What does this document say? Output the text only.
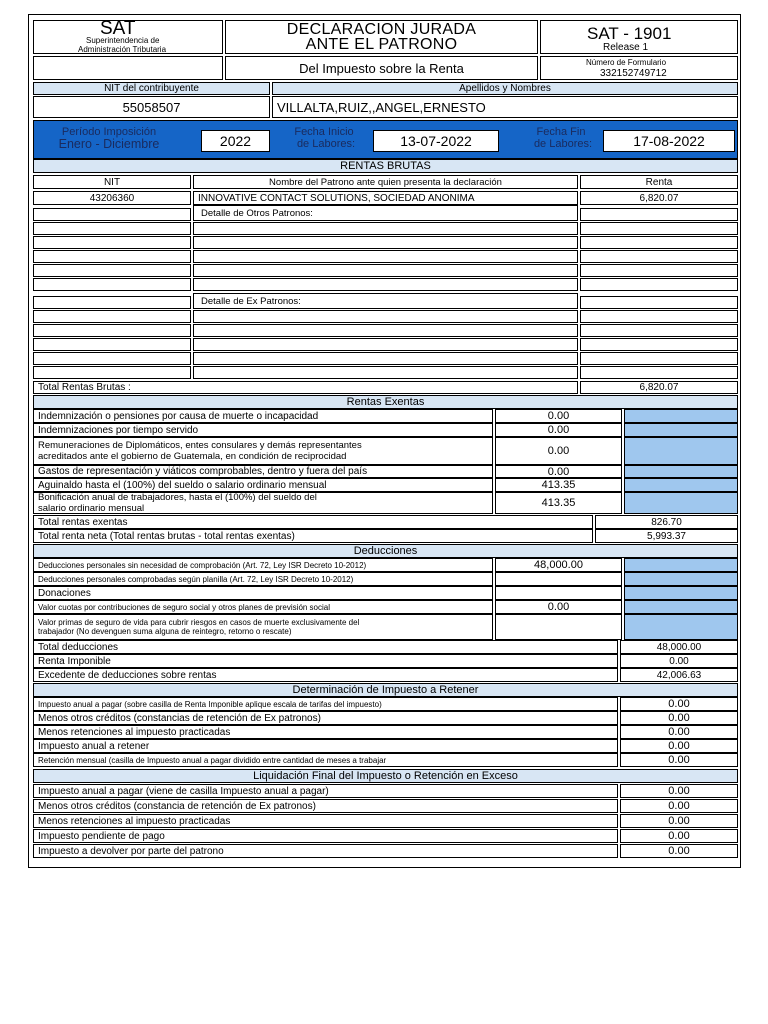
SAT
Superintendencia de
Administración Tributaria
DECLARACION JURADA
ANTE EL PATRONO
SAT - 1901
Release 1
Del Impuesto sobre la Renta	Número de Formulario
332152749712
NIT del contribuyente	Apellidos y Nombres
55058507	VILLALTA,RUIZ,,ANGEL,ERNESTO
Período Imposición
Enero - Diciembre	2022
Fecha Inicio
de Labores:	13-07-2022
Fecha Fin
de Labores:	17-08-2022
RENTAS BRUTAS
NIT	Nombre del Patrono ante quien presenta la declaración	Renta
43206360	INNOVATIVE CONTACT SOLUTIONS, SOCIEDAD ANONIMA	6,820.07
Detalle de Otros Patronos:
Detalle de Ex Patronos:
Total Rentas Brutas :	6,820.07
Rentas Exentas
Indemnización o pensiones por causa de muerte o incapacidad	0.00
Indemnizaciones por tiempo servido	0.00
Remuneraciones de Diplomáticos, entes consulares y demás representantes
acreditados ante el gobierno de Guatemala, en condición de reciprocidad	0.00
Gastos de representación y viáticos comprobables, dentro y fuera del país	0.00
Aguinaldo hasta el (100%) del sueldo o salario ordinario mensual	413.35
Bonificación anual de trabajadores, hasta el (100%) del sueldo del
salario ordinario mensual	413.35
Total rentas exentas	826.70
Total renta neta (Total rentas brutas - total rentas exentas)	5,993.37
Deducciones
Deducciones personales sin necesidad de comprobación (Art. 72, Ley ISR Decreto 10-2012)	48,000.00
Deducciones personales comprobadas según planilla (Art. 72, Ley ISR Decreto 10-2012)
Donaciones
Valor cuotas por contribuciones de seguro social y otros planes de previsión social	0.00
Valor primas de seguro de vida para cubrir riesgos en casos de muerte exclusivamente del
trabajador (No devenguen suma alguna de reintegro, retorno o rescate)
Total deducciones	48,000.00
Renta Imponible	0.00
Excedente de deducciones sobre rentas	42,006.63
Determinación de Impuesto a Retener
Impuesto anual a pagar (sobre casilla de Renta Imponible aplique escala de tarifas del impuesto)	0.00
Menos otros créditos (constancias de retención de Ex patronos)	0.00
Menos retenciones al impuesto practicadas	0.00
Impuesto anual a retener	0.00
Retención mensual (casilla de Impuesto anual a pagar dividido entre cantidad de meses a trabajar	0.00
Liquidación Final del Impuesto o Retención en Exceso
Impuesto anual a pagar (viene de casilla Impuesto anual a pagar)	0.00
Menos otros créditos (constancia de retención de Ex patronos)	0.00
Menos retenciones al impuesto practicadas	0.00
Impuesto pendiente de pago	0.00
Impuesto a devolver por parte del patrono	0.00
